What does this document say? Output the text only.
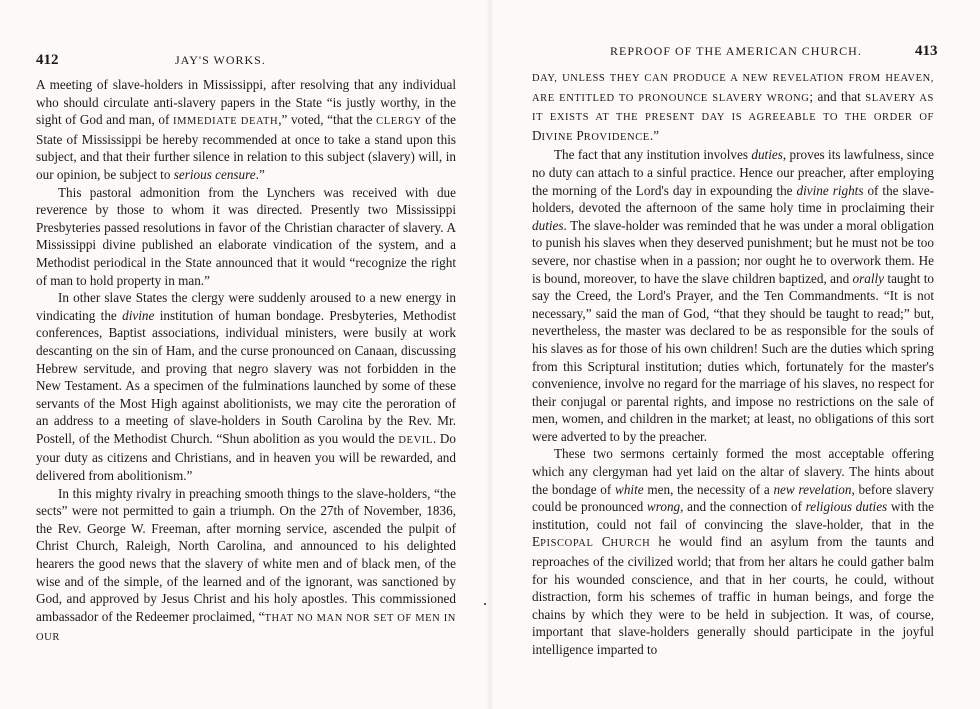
412	JAY'S WORKS.

A meeting of slave-holders in Mississippi, after resolving that any individual who should circulate anti-slavery papers in the State “is justly worthy, in the sight of God and man, of IMMEDIATE DEATH,” voted, “that the CLERGY of the State of Mississippi be hereby recommended at once to take a stand upon this subject, and that their further silence in relation to this subject (slavery) will, in our opinion, be subject to serious censure.”

This pastoral admonition from the Lynchers was received with due reverence by those to whom it was directed. Presently two Mississippi Presbyteries passed resolutions in favor of the Christian character of slavery. A Mississippi divine published an elaborate vindication of the system, and a Methodist periodical in the State announced that it would “recognize the right of man to hold property in man.”

In other slave States the clergy were suddenly aroused to a new energy in vindicating the divine institution of human bondage. Presbyteries, Methodist conferences, Baptist associations, individual ministers, were busily at work descanting on the sin of Ham, and the curse pronounced on Canaan, discussing Hebrew servitude, and proving that negro slavery was not forbidden in the New Testament. As a specimen of the fulminations launched by some of these servants of the Most High against abolitionists, we may cite the peroration of an address to a meeting of slave-holders in South Carolina by the Rev. Mr. Postell, of the Methodist Church. “Shun abolition as you would the DEVIL. Do your duty as citizens and Christians, and in heaven you will be rewarded, and delivered from abolitionism.”

In this mighty rivalry in preaching smooth things to the slave-holders, “the sects” were not permitted to gain a triumph. On the 27th of November, 1836, the Rev. George W. Freeman, after morning service, ascended the pulpit of Christ Church, Raleigh, North Carolina, and announced to his delighted hearers the good news that the slavery of white men and of black men, of the wise and of the simple, of the learned and of the ignorant, was sanctioned by God, and approved by Jesus Christ and his holy apostles. This commissioned ambassador of the Redeemer proclaimed, “THAT NO MAN NOR SET OF MEN IN OUR

REPROOF OF THE AMERICAN CHURCH.	413

DAY, UNLESS THEY CAN PRODUCE A NEW REVELATION FROM HEAVEN, ARE ENTITLED TO PRONOUNCE SLAVERY WRONG; and that SLAVERY AS IT EXISTS AT THE PRESENT DAY IS AGREEABLE TO THE ORDER OF DIVINE PROVIDENCE.”

The fact that any institution involves duties, proves its lawfulness, since no duty can attach to a sinful practice. Hence our preacher, after employing the morning of the Lord's day in expounding the divine rights of the slave-holders, devoted the afternoon of the same holy time in proclaiming their duties. The slave-holder was reminded that he was under a moral obligation to punish his slaves when they deserved punishment; but he must not be too severe, nor chastise when in a passion; nor ought he to overwork them. He is bound, moreover, to have the slave children baptized, and orally taught to say the Creed, the Lord's Prayer, and the Ten Commandments. “It is not necessary,” said the man of God, “that they should be taught to read;” but, nevertheless, the master was declared to be as responsible for the souls of his slaves as for those of his own children! Such are the duties which spring from this Scriptural institution; duties which, fortunately for the master's convenience, involve no regard for the marriage of his slaves, no respect for their conjugal or parental rights, and impose no restrictions on the sale of men, women, and children in the market; at least, no obligations of this sort were adverted to by the preacher.

These two sermons certainly formed the most acceptable offering which any clergyman had yet laid on the altar of slavery. The hints about the bondage of white men, the necessity of a new revelation, before slavery could be pronounced wrong, and the connection of religious duties with the institution, could not fail of convincing the slave-holder, that in the EPISCOPAL CHURCH he would find an asylum from the taunts and reproaches of the civilized world; that from her altars he could gather balm for his wounded conscience, and that in her courts, he could, without distraction, form his schemes of traffic in human beings, and forge the chains by which they were to be held in subjection. It was, of course, important that slave-holders generally should participate in the joyful intelligence imparted to
